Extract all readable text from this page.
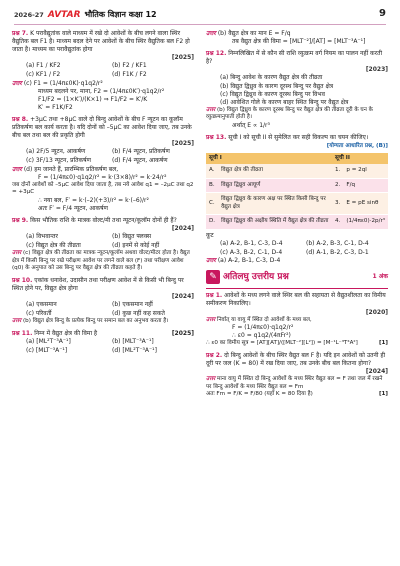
2026-27 AVTAR भौतिक विज्ञान कक्षा 12	9
प्रश्न 7. K परावैद्युतांक वाले माध्यम में रखे दो आवेशों के बीच लगने वाला स्थिर वैद्युतिक बल F1 है। माध्यम बदल देने पर आवेशों के बीच स्थिर वैद्युतिक बल F2 हो जाता है। माध्यम का परावैद्युतांक होगा
[2025]
(a) F1 / KF2	(b) F2 / KF1
(c) KF1 / F2	(d) F1K / F2
उत्तर (c) F1 = (1/4πε0K)·q1q2/r²
माध्यम बदलने पर, माना, F2 = (1/4πε0K′)·q1q2/r²
F1/F2 = (1×K′)/(K×1) ⇒ F1/F2 = K′/K
K′ = F1K/F2
प्रश्न 8. +3μC तथा +8μC वाले दो बिन्दु आवेशों के बीच F न्यूटन का कूलॉम प्रतिकर्षण बल कार्य करता है। यदि दोनों को –5μC का आवेश दिया जाए, तब उनके बीच बल तथा बल की प्रकृति होगी
[2025]
(a) 2F/5 न्यूटन, आकर्षण	(b) F/4 न्यूटन, प्रतिकर्षण
(c) 3F/13 न्यूटन, प्रतिकर्षण	(d) F/4 न्यूटन, आकर्षण
उत्तर (d) हम जानते हैं, प्रारम्भिक प्रतिकर्षण बल,
F = (1/4πε0)·q1q2/r² = k·(3×8)/r² = k·24/r²
जब दोनों आवेशों को –5μC आवेश दिया जाता है, तब नये आवेश q1 = –2μC तथा q2 = +3μC
∴ नया बल, F′ = k·(–2)(+3)/r² = k·(–6)/r²
अतः F′ = F/4 न्यूटन, आकर्षण
प्रश्न 9. किस भौतिक राशि के मात्रक वोल्ट/मी तथा न्यूटन/कूलॉम दोनों ही हैं?
[2024]
(a) विभवान्तर	(b) विद्युत फ्लक्स
(c) विद्युत क्षेत्र की तीव्रता	(d) इनमें से कोई नहीं
उत्तर (c) विद्युत क्षेत्र की तीव्रता का मात्रक न्यूटन/कूलॉम अथवा वोल्ट/मीटर होता है। वैद्युत क्षेत्र में किसी बिन्दु पर रखे परीक्षण आवेश पर लगने वाले बल (F) तथा परीक्षण आवेश (q0) के अनुपात को उस बिन्दु पर वैद्युत क्षेत्र की तीव्रता कहते हैं।
प्रश्न 10. एकांक धनावेश, उदासीन तथा परीक्षण आवेश में से किसी भी बिन्दु पर स्थित होने पर, विद्युत क्षेत्र होगा
[2024]
(a) एकसमान	(b) एकसमान नहीं
(c) परिवर्ती	(d) कुछ नहीं कह सकते
उत्तर (b) विद्युत क्षेत्र बिन्दु के प्रत्येक बिन्दु पर समान बल का अनुभव करता है।
प्रश्न 11. निम्न में वैद्युत क्षेत्र की विमा है	[2025]
(a) [ML²T⁻³A⁻¹]	(b) [MLT⁻³A⁻¹]
(c) [MLT⁻³A⁻¹]	(d) [ML²T⁻³A⁻¹]
उत्तर (b) वैद्युत क्षेत्र का मान E = F/q
तब वैद्युत क्षेत्र की विमा = [MLT⁻²]/[AT] = [MLT⁻³A⁻¹]
प्रश्न 12. निम्नलिखित में से कौन सी राशि व्युत्क्रम वर्ग नियम का पालन नहीं करती है?
[2023]
(a) बिन्दु आवेश के कारण वैद्युत क्षेत्र की तीव्रता
(b) विद्युत द्विध्रुव के कारण दूरस्थ बिन्दु पर वैद्युत क्षेत्र
(c) विद्युत द्विध्रुव के कारण दूरस्थ बिन्दु पर विभव
(d) आवेशित गोले के कारण बाहर स्थित बिन्दु पर वैद्युत क्षेत्र
उत्तर (b) विद्युत द्विध्रुव के कारण दूरस्थ बिन्दु पर वैद्युत क्षेत्र की तीव्रता दूरी के घन के व्युत्क्रमानुपाती होती है।
अर्थात् E ∝ 1/r³
प्रश्न 13. सूची I को सूची II से सुमेलित कर सही विकल्प का चयन कीजिए।
[योग्यता आधारित प्रश्न, (B)]
सूची I		सूची II	
A.	विद्युत क्षेत्र की तीव्रता	1.	p = 2ql
B.	विद्युत द्विध्रुव आघूर्ण	2.	F/q
C.	विद्युत द्विध्रुव के कारण अक्ष पर स्थित किसी बिन्दु पर वैद्युत क्षेत्र	3.	E = pE sinθ
D.	विद्युत द्विध्रुव की अक्षीय स्थिति में वैद्युत क्षेत्र की तीव्रता	4.	(1/4πε0)·2p/r³
कूट
(a) A-2, B-1, C-3, D-4	(b) A-2, B-3, C-1, D-4
(c) A-3, B-2, C-1, D-4	(d) A-1, B-2, C-3, D-1
उत्तर (a) A-2, B-1, C-3, D-4
✎ अतिलघु उत्तरीय प्रश्न	1 अंक
प्रश्न 1. आवेशों के मध्य लगने वाले स्थिर बल की सहायता से वैद्युतशीलता का विमीय समीकरण निकालिए।
[2020]
उत्तर निर्वात् या वायु में स्थित दो आवेशों के मध्य बल,
F = (1/4πε0)·q1q2/r²
∴ ε0 = q1q2/(4πFr²)
∴ ε0 का विमीय सूत्र = [AT][AT]/([MLT⁻²][L²]) = [M⁻¹L⁻³T⁴A²]	[1]
प्रश्न 2. दो बिन्दु आवेशों के बीच स्थिर वैद्युत बल F है। यदि इन आवेशों को उतनी ही दूरी पर जल (K = 80) में रख दिया जाए, तब उनके बीच बल कितना होगा?
[2024]
उत्तर माना वायु में स्थित दो बिन्दु आवेशों के मध्य स्थिर वैद्युत बल = F तथा जल में रखने पर बिन्दु आवेशों के मध्य स्थिर वैद्युत बल = Fm
अतः Fm = F/K = F/80 (यहाँ K = 80 दिया है)	[1]
